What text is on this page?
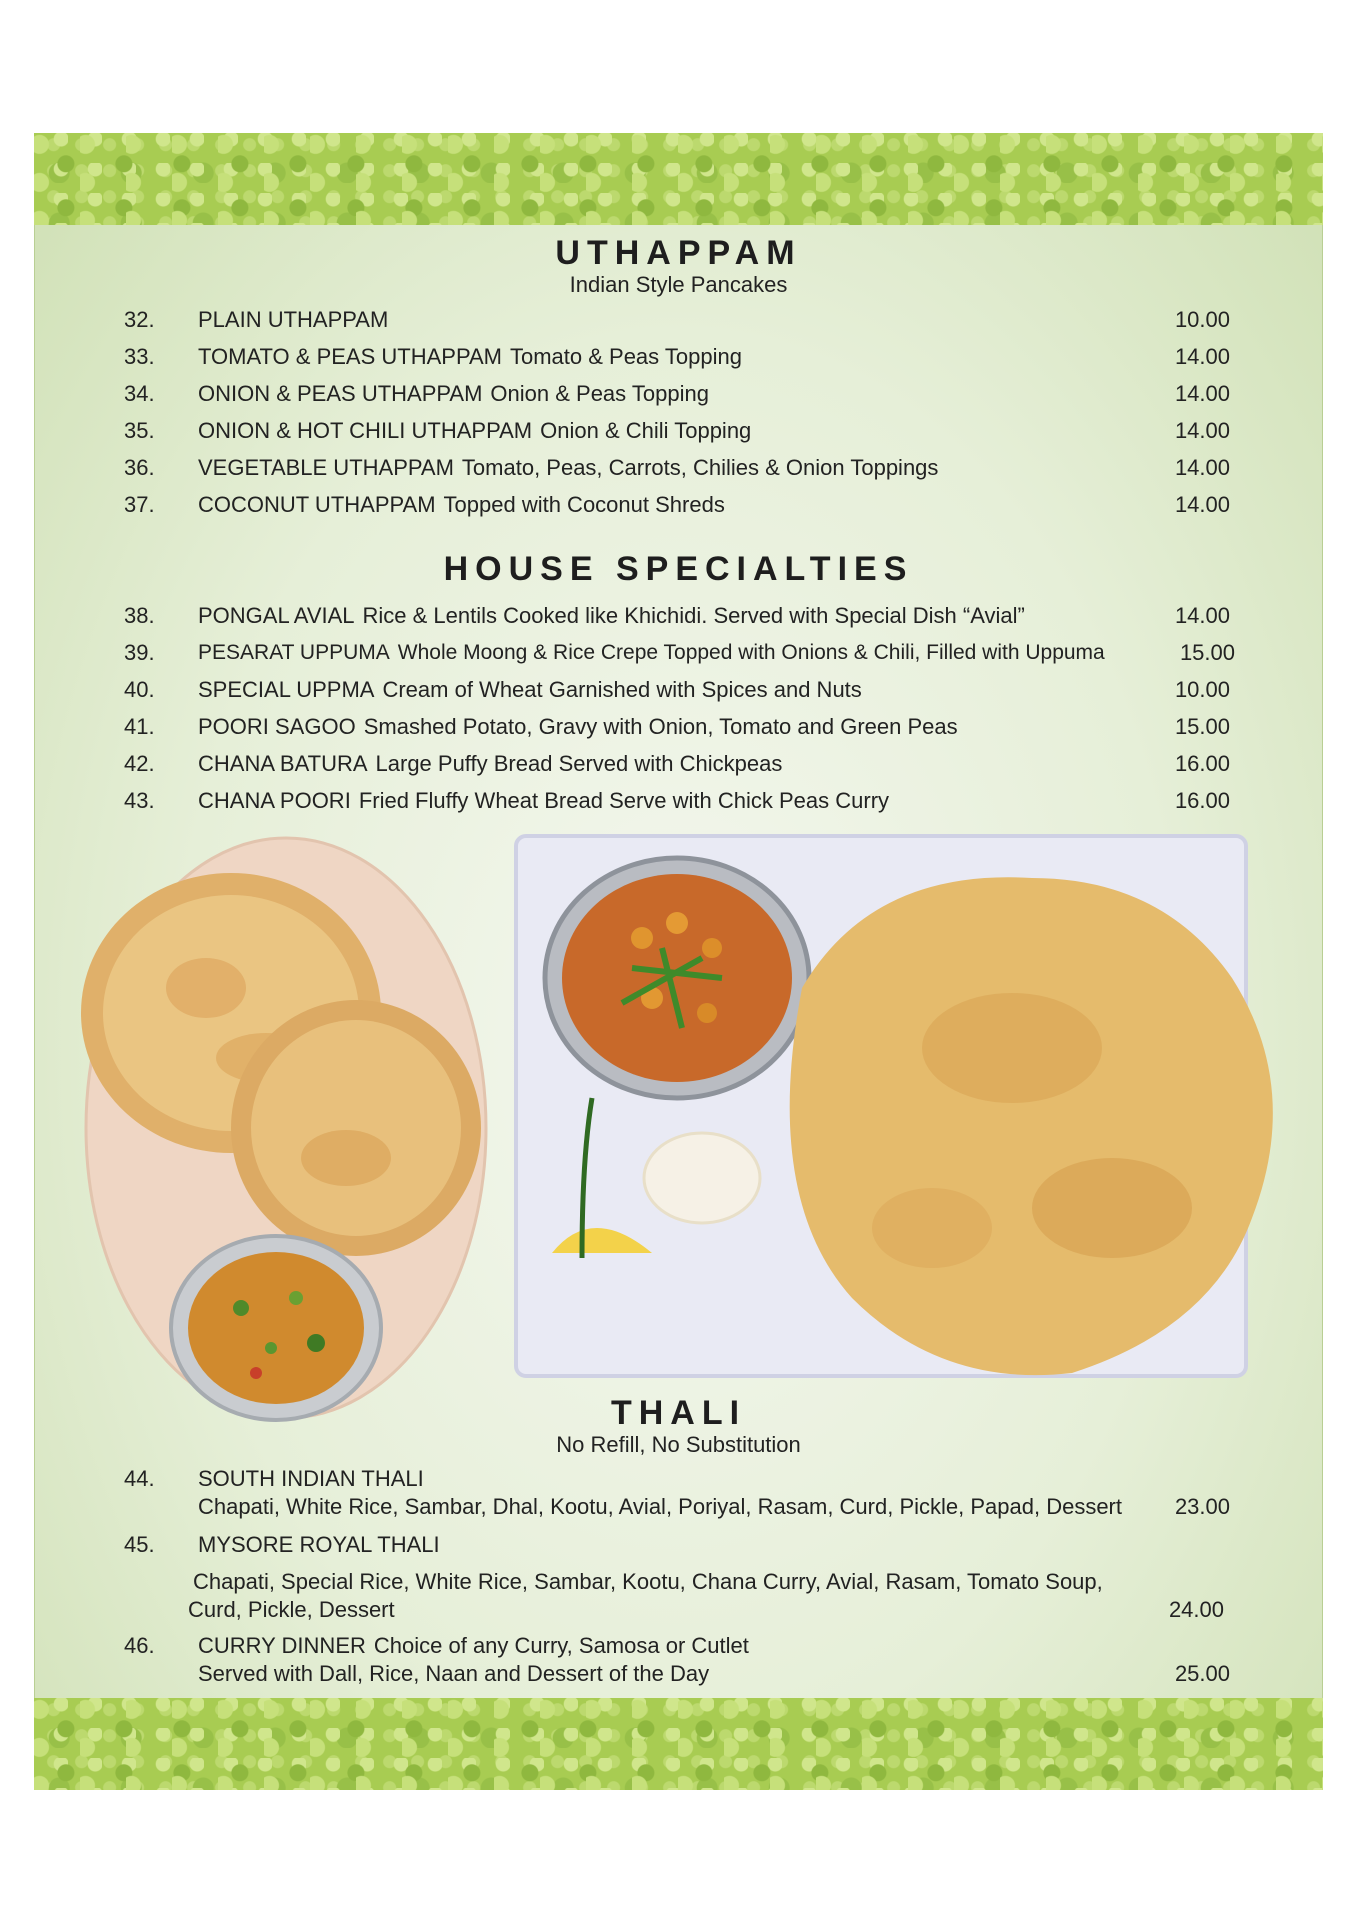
UTHAPPAM
Indian Style Pancakes
32. PLAIN UTHAPPAM	10.00
33. TOMATO & PEAS UTHAPPAM Tomato & Peas Topping	14.00
34. ONION & PEAS UTHAPPAM Onion & Peas Topping	14.00
35. ONION & HOT CHILI UTHAPPAM Onion & Chili Topping	14.00
36. VEGETABLE UTHAPPAM Tomato, Peas, Carrots, Chilies & Onion Toppings	14.00
37. COCONUT UTHAPPAM Topped with Coconut Shreds	14.00
HOUSE SPECIALTIES
38. PONGAL AVIAL Rice & Lentils Cooked like Khichidi. Served with Special Dish “Avial”	14.00
39. PESARAT UPPUMA Whole Moong & Rice Crepe Topped with Onions & Chili, Filled with Uppuma	15.00
40. SPECIAL UPPMA Cream of Wheat Garnished with Spices and Nuts	10.00
41. POORI SAGOO Smashed Potato, Gravy with Onion, Tomato and Green Peas	15.00
42. CHANA BATURA Large Puffy Bread Served with Chickpeas	16.00
43. CHANA POORI Fried Fluffy Wheat Bread Serve with Chick Peas Curry	16.00
THALI
No Refill, No Substitution
44. SOUTH INDIAN THALI
Chapati, White Rice, Sambar, Dhal, Kootu, Avial, Poriyal, Rasam, Curd, Pickle, Papad, Dessert 23.00
45. MYSORE ROYAL THALI
Chapati, Special Rice, White Rice, Sambar, Kootu, Chana Curry, Avial, Rasam, Tomato Soup,
Curd, Pickle, Dessert	24.00
46. CURRY DINNER Choice of any Curry, Samosa or Cutlet
Served with Dall, Rice, Naan and Dessert of the Day	25.00
